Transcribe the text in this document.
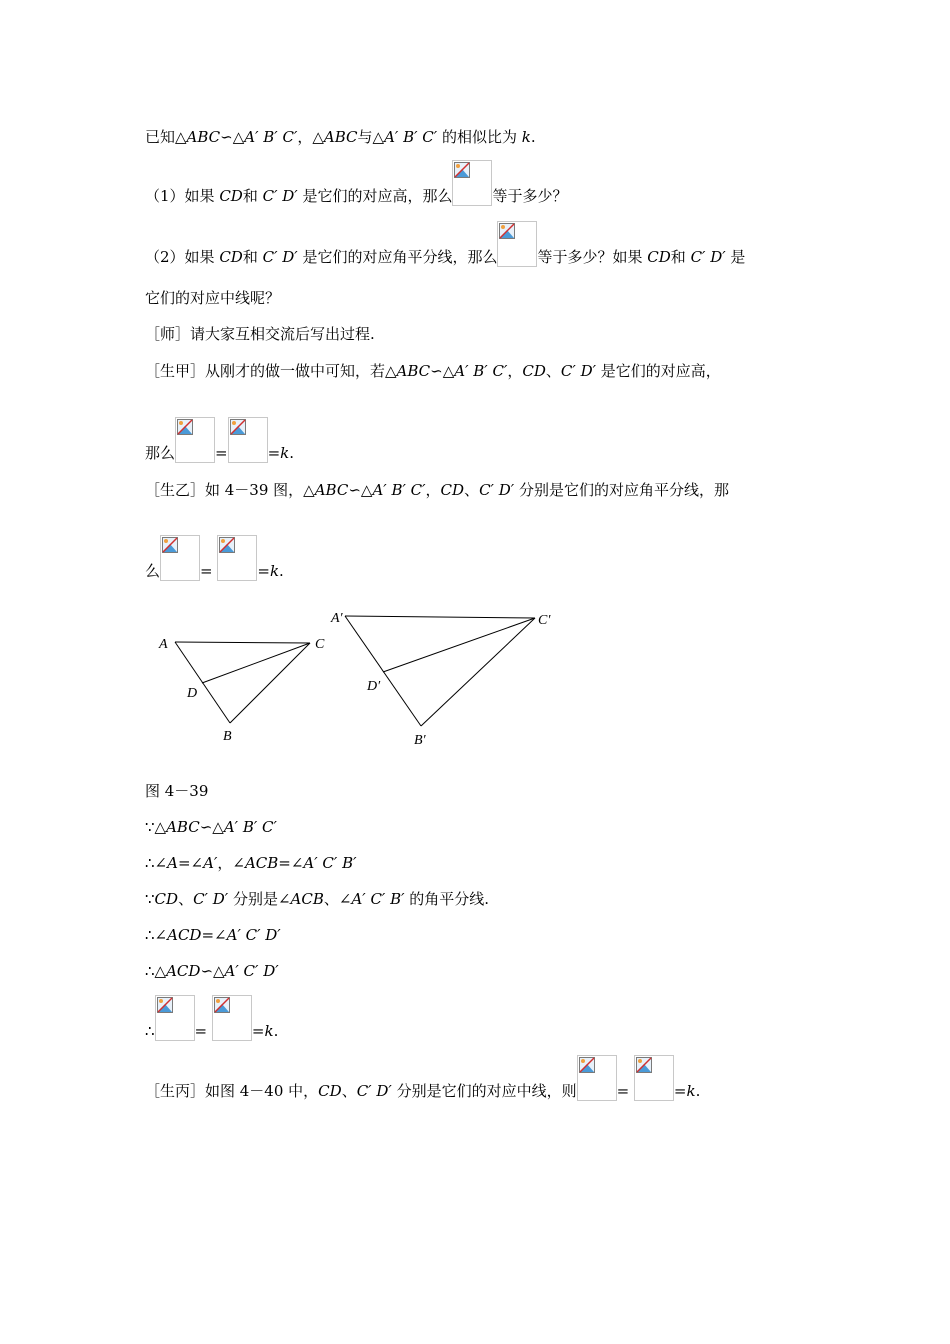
已知△ABC∽△A′ B′ C′，△ABC与△A′ B′ C′ 的相似比为 k.
（1）如果 CD和 C′ D′ 是它们的对应高，那么	等于多少？
（2）如果 CD和 C′ D′ 是它们的对应角平分线，那么	等于多少？如果 CD和 C′ D′ 是
它们的对应中线呢？
［师］请大家互相交流后写出过程.
［生甲］从刚才的做一做中可知，若△ABC∽△A′ B′ C′，CD、C′ D′ 是它们的对应高，
那么	=	=k.
［生乙］如 4－39 图，△ABC∽△A′ B′ C′，CD、C′ D′ 分别是它们的对应角平分线，那
么	=	=k.
A	C
D
B
A′	C′
D′
B′
图 4－39
∵△ABC∽△A′ B′ C′
∴∠A=∠A′，∠ACB=∠A′ C′ B′
∵CD、C′ D′ 分别是∠ACB、∠A′ C′ B′ 的角平分线.
∴∠ACD=∠A′ C′ D′
∴△ACD∽△A′ C′ D′
∴	=	=k.
［生丙］如图 4－40 中，CD、C′ D′ 分别是它们的对应中线，则	=	=k.
